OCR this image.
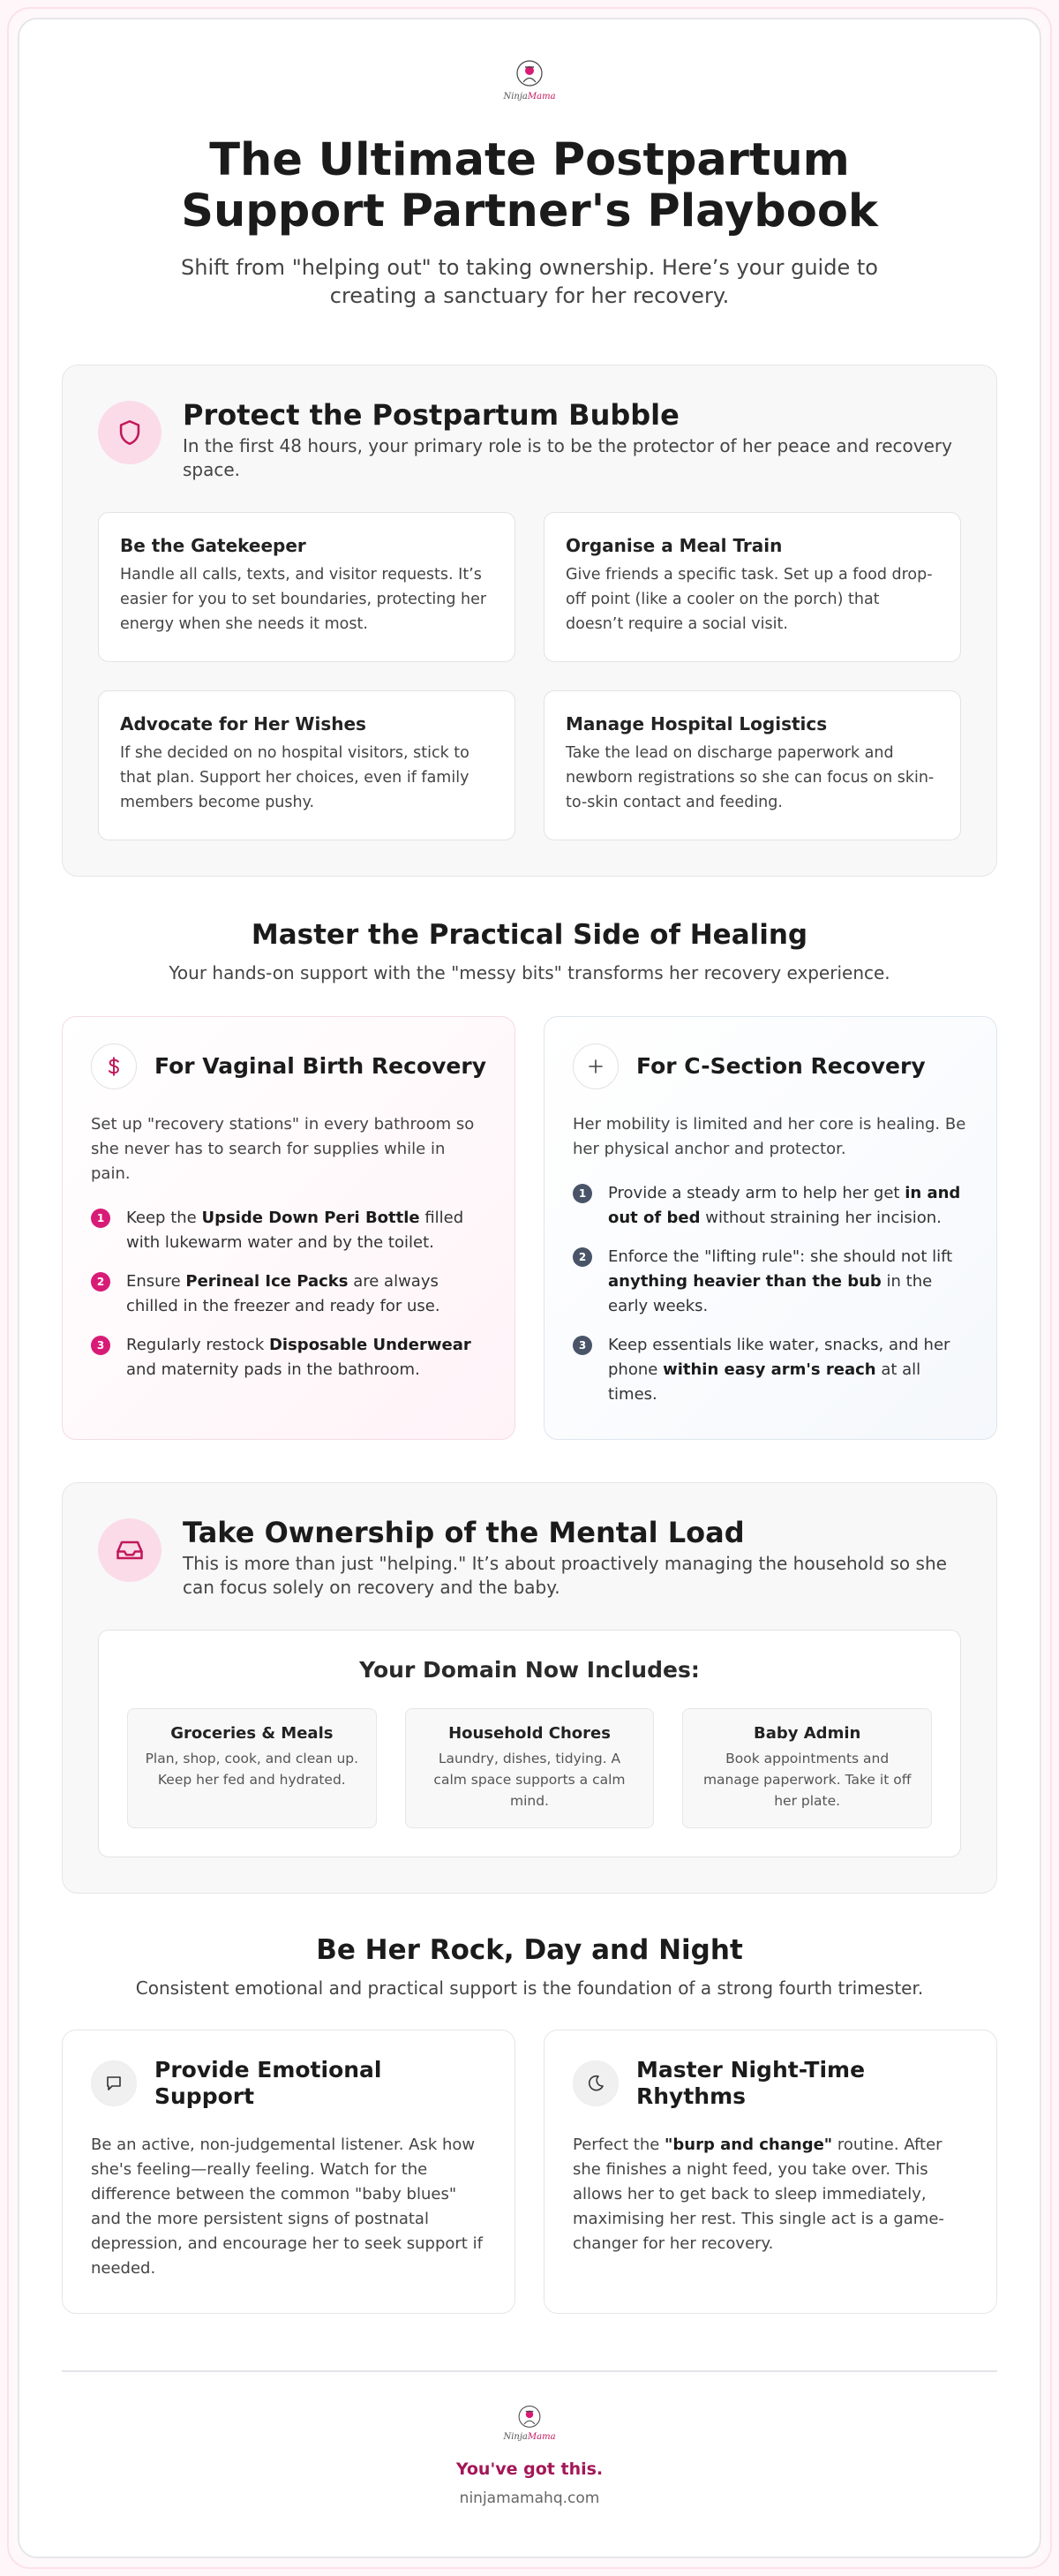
NinjaMama
The Ultimate Postpartum Support Partner's Playbook

Shift from "helping out" to taking ownership. Here’s your guide to creating a sanctuary for her recovery.

Protect the Postpartum Bubble

In the first 48 hours, your primary role is to be the protector of her peace and recovery space.

Be the Gatekeeper

Handle all calls, texts, and visitor requests. It’s easier for you to set boundaries, protecting her energy when she needs it most.

Organise a Meal Train

Give friends a specific task. Set up a food drop-off point (like a cooler on the porch) that doesn’t require a social visit.

Advocate for Her Wishes

If she decided on no hospital visitors, stick to that plan. Support her choices, even if family members become pushy.

Manage Hospital Logistics

Take the lead on discharge paperwork and newborn registrations so she can focus on skin-to-skin contact and feeding.

Master the Practical Side of Healing

Your hands-on support with the "messy bits" transforms her recovery experience.

For Vaginal Birth Recovery

Set up "recovery stations" in every bathroom so she never has to search for supplies while in pain.

1	Keep the Upside Down Peri Bottle filled with lukewarm water and by the toilet.
2	Ensure Perineal Ice Packs are always chilled in the freezer and ready for use.
3	Regularly restock Disposable Underwear and maternity pads in the bathroom.
For C-Section Recovery

Her mobility is limited and her core is healing. Be her physical anchor and protector.

1	Provide a steady arm to help her get in and out of bed without straining her incision.
2	Enforce the "lifting rule": she should not lift anything heavier than the bub in the early weeks.
3	Keep essentials like water, snacks, and her phone within easy arm's reach at all times.
Take Ownership of the Mental Load

This is more than just "helping." It’s about proactively managing the household so she can focus solely on recovery and the baby.

Your Domain Now Includes:
Groceries & Meals

Plan, shop, cook, and clean up. Keep her fed and hydrated.

Household Chores

Laundry, dishes, tidying. A calm space supports a calm mind.

Baby Admin

Book appointments and manage paperwork. Take it off her plate.

Be Her Rock, Day and Night

Consistent emotional and practical support is the foundation of a strong fourth trimester.

Provide Emotional Support

Be an active, non-judgemental listener. Ask how she's feeling—really feeling. Watch for the difference between the common "baby blues" and the more persistent signs of postnatal depression, and encourage her to seek support if needed.

Master Night-Time Rhythms

Perfect the "burp and change" routine. After she finishes a night feed, you take over. This allows her to get back to sleep immediately, maximising her rest. This single act is a game-changer for her recovery.

NinjaMama

You've got this.

ninjamamahq.com
